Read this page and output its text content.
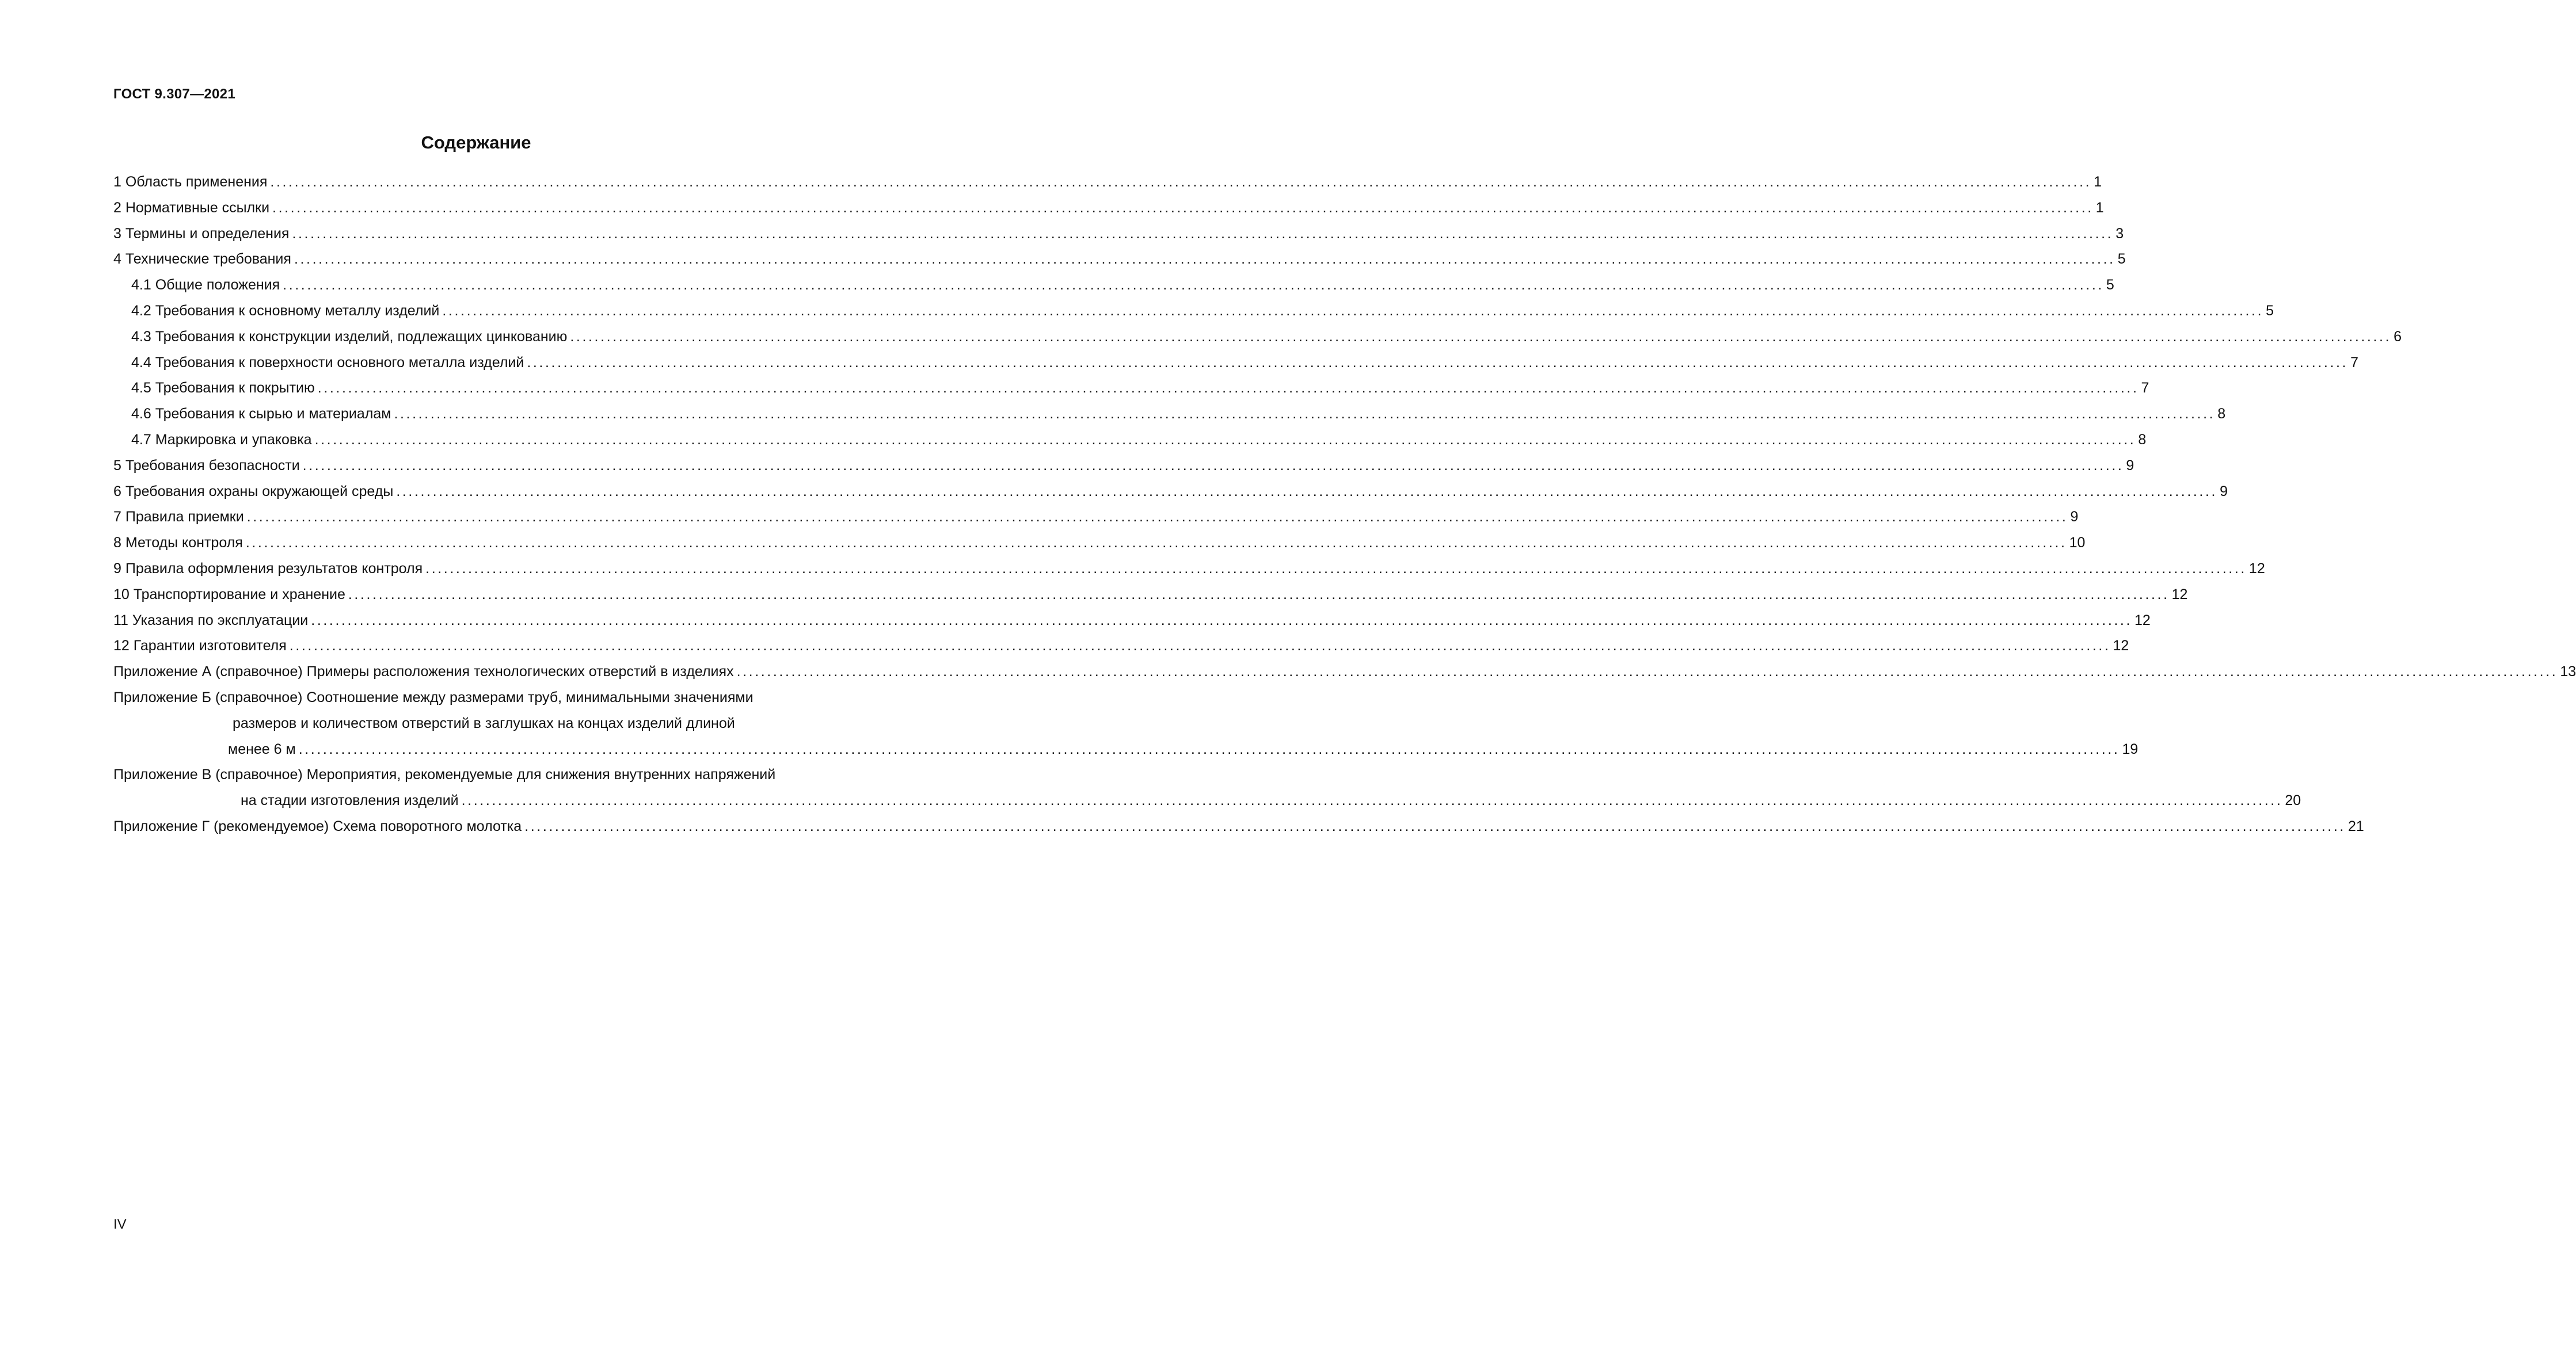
ГОСТ 9.307—2021
Содержание
1 Область применения ............................................................................................................................................................................................................................................................................................................ 1
2 Нормативные ссылки ............................................................................................................................................................................................................................................................................................................ 1
3 Термины и определения ............................................................................................................................................................................................................................................................................................................ 3
4 Технические требования ............................................................................................................................................................................................................................................................................................................ 5
4.1 Общие положения ............................................................................................................................................................................................................................................................................................................ 5
4.2 Требования к основному металлу изделий ............................................................................................................................................................................................................................................................................................................ 5
4.3 Требования к конструкции изделий, подлежащих цинкованию ............................................................................................................................................................................................................................................................................................................ 6
4.4 Требования к поверхности основного металла изделий ............................................................................................................................................................................................................................................................................................................ 7
4.5 Требования к покрытию ............................................................................................................................................................................................................................................................................................................ 7
4.6 Требования к сырью и материалам ............................................................................................................................................................................................................................................................................................................ 8
4.7 Маркировка и упаковка ............................................................................................................................................................................................................................................................................................................ 8
5 Требования безопасности ............................................................................................................................................................................................................................................................................................................ 9
6 Требования охраны окружающей среды ............................................................................................................................................................................................................................................................................................................ 9
7 Правила приемки ............................................................................................................................................................................................................................................................................................................ 9
8 Методы контроля ............................................................................................................................................................................................................................................................................................................ 10
9 Правила оформления результатов контроля ............................................................................................................................................................................................................................................................................................................ 12
10 Транспортирование и хранение ............................................................................................................................................................................................................................................................................................................ 12
11 Указания по эксплуатации ............................................................................................................................................................................................................................................................................................................ 12
12 Гарантии изготовителя ............................................................................................................................................................................................................................................................................................................ 12
Приложение А (справочное) Примеры расположения технологических отверстий в изделиях ............................................................................................................................................................................................................................................................................................................ 13
Приложение Б (справочное) Соотношение между размерами труб, минимальными значениями
размеров и количеством отверстий в заглушках на концах изделий длиной
менее 6 м ............................................................................................................................................................................................................................................................................................................ 19
Приложение В (справочное) Мероприятия, рекомендуемые для снижения внутренних напряжений
на стадии изготовления изделий ............................................................................................................................................................................................................................................................................................................ 20
Приложение Г (рекомендуемое) Схема поворотного молотка ............................................................................................................................................................................................................................................................................................................ 21
IV
